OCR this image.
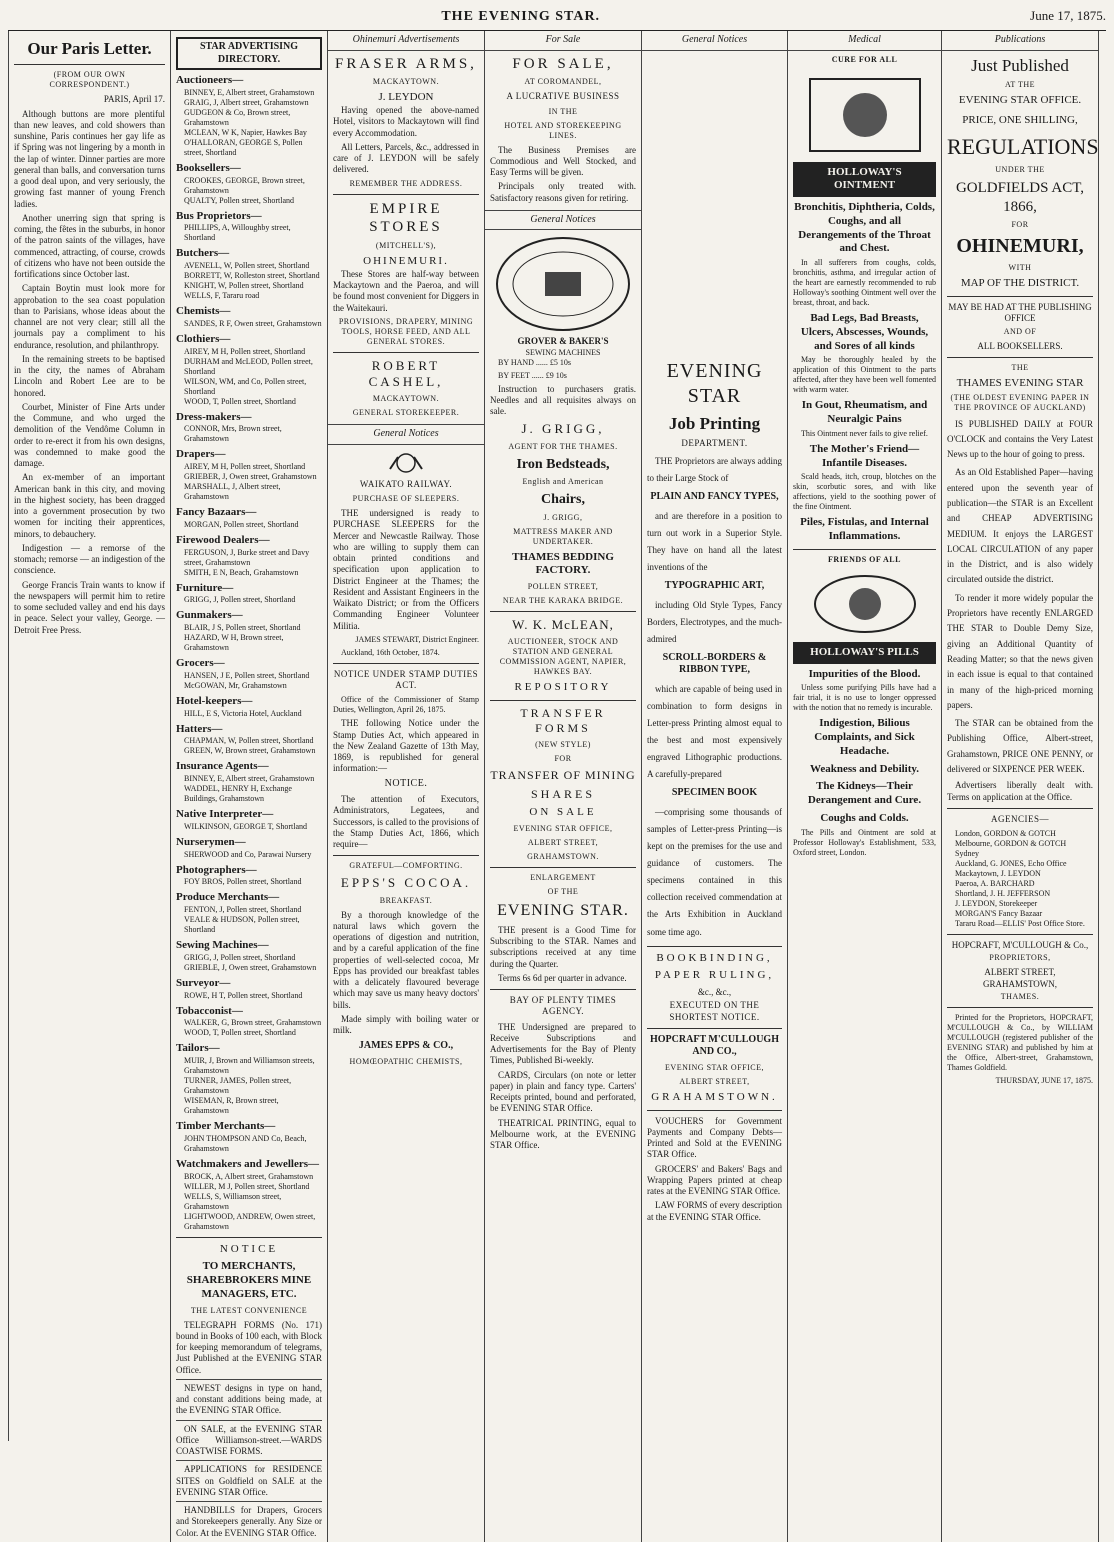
THE EVENING STAR.	June 17, 1875.
Our Paris Letter.
(FROM OUR OWN CORRESPONDENT.)
PARIS, April 17.
Although buttons are more plentiful than new leaves, and cold showers than sunshine, Paris continues her gay life as if Spring was not lingering by a month in the lap of winter. Dinner parties are more general than balls, and conversation turns a good deal upon, and very seriously, the growing fast manner of young French ladies.
Another unerring sign that spring is coming, the fêtes in the suburbs, in honor of the patron saints of the villages, have commenced, attracting, of course, crowds of citizens who have not been outside the fortifications since October last.
Captain Boytin must look more for approbation to the sea coast population than to Parisians, whose ideas about the channel are not very clear; still all the journals pay a compliment to his endurance, resolution, and philanthropy.
In the remaining streets to be baptised in the city, the names of Abraham Lincoln and Robert Lee are to be honored.
Courbet, Minister of Fine Arts under the Commune, and who urged the demolition of the Vendôme Column in order to re-erect it from his own designs, was condemned to make good the damage.
An ex-member of an important American bank in this city, and moving in the highest society, has been dragged into a government prosecution by two women for inciting their apprentices, minors, to debauchery.
Indigestion — a remorse of the stomach; remorse — an indigestion of the conscience.
George Francis Train wants to know if the newspapers will permit him to retire to some secluded valley and end his days in peace. Select your valley, George. — Detroit Free Press.
STAR ADVERTISING DIRECTORY.
Auctioneers—
BINNEY, E, Albert street, Grahamstown
GRAIG, J, Albert street, Grahamstown
GUDGEON & Co, Brown street, Grahamstown
MCLEAN, W K, Napier, Hawkes Bay
O'HALLORAN, GEORGE S, Pollen street, Shortland
Booksellers—
CROOKES, GEORGE, Brown street, Grahamstown
QUALTY, Pollen street, Shortland
Bus Proprietors—
PHILLIPS, A, Willoughby street, Shortland
Butchers—
AVENELL, W, Pollen street, Shortland
BORRETT, W, Rolleston street, Shortland
KNIGHT, W, Pollen street, Shortland
WELLS, F, Tararu road
Chemists—
SANDES, R F, Owen street, Grahamstown
Clothiers—
AIREY, M H, Pollen street, Shortland
DURHAM and McLEOD, Pollen street, Shortland
WILSON, WM, and Co, Pollen street, Shortland
WOOD, T, Pollen street, Shortland
Dress-makers—
CONNOR, Mrs, Brown street, Grahamstown
Drapers—
AIREY, M H, Pollen street, Shortland
GRIEBER, J, Owen street, Grahamstown
MARSHALL, J, Albert street, Grahamstown
Fancy Bazaars—
MORGAN, Pollen street, Shortland
Firewood Dealers—
FERGUSON, J, Burke street and Davy street, Grahamstown
SMITH, E N, Beach, Grahamstown
Furniture—
GRIGG, J, Pollen street, Shortland
Gunmakers—
BLAIR, J S, Pollen street, Shortland
HAZARD, W H, Brown street, Grahamstown
Grocers—
HANSEN, J E, Pollen street, Shortland
McGOWAN, Mr, Grahamstown
Hotel-keepers—
HILL, E S, Victoria Hotel, Auckland
Hatters—
CHAPMAN, W, Pollen street, Shortland
GREEN, W, Brown street, Grahamstown
Insurance Agents—
BINNEY, E, Albert street, Grahamstown
WADDEL, HENRY H, Exchange Buildings, Grahamstown
Native Interpreter—
WILKINSON, GEORGE T, Shortland
Nurserymen—
SHERWOOD and Co, Parawai Nursery
Photographers—
FOY BROS, Pollen street, Shortland
Produce Merchants—
FENTON, J, Pollen street, Shortland
VEALE & HUDSON, Pollen street, Shortland
Sewing Machines—
GRIGG, J, Pollen street, Shortland
GRIEBLE, J, Owen street, Grahamstown
Surveyor—
ROWE, H T, Pollen street, Shortland
Tobacconist—
WALKER, G, Brown street, Grahamstown
WOOD, T, Pollen street, Shortland
Tailors—
MUIR, J, Brown and Williamson streets, Grahamstown
TURNER, JAMES, Pollen street, Grahamstown
WISEMAN, R, Brown street, Grahamstown
Timber Merchants—
JOHN THOMPSON AND Co, Beach, Grahamstown
Watchmakers and Jewellers—
BROCK, A, Albert street, Grahamstown
WILLER, M J, Pollen street, Shortland
WELLS, S, Williamson street, Grahamstown
LIGHTWOOD, ANDREW, Owen street, Grahamstown
NOTICE
TO MERCHANTS, SHAREBROKERS MINE MANAGERS, ETC.
THE LATEST CONVENIENCE
TELEGRAPH FORMS (No. 171) bound in Books of 100 each, with Block for keeping memorandum of telegrams, Just Published at the EVENING STAR Office.
NEWEST designs in type on hand, and constant additions being made, at the EVENING STAR Office.
ON SALE, at the EVENING STAR Office Williamson-street.—WARDS COASTWISE FORMS.
APPLICATIONS for RESIDENCE SITES on Goldfield on SALE at the EVENING STAR Office.
HANDBILLS for Drapers, Grocers and Storekeepers generally. Any Size or Color. At the EVENING STAR Office.
Ohinemuri Advertisements
FRASER ARMS,
MACKAYTOWN.
J. LEYDON
Having opened the above-named Hotel, visitors to Mackaytown will find every Accommodation.
All Letters, Parcels, &c., addressed in care of J. LEYDON will be safely delivered.
REMEMBER THE ADDRESS.
EMPIRE STORES
(MITCHELL'S),
OHINEMURI.
These Stores are half-way between Mackaytown and the Paeroa, and will be found most convenient for Diggers in the Waitekauri.
PROVISIONS, DRAPERY, MINING TOOLS, HORSE FEED, AND ALL GENERAL STORES.
ROBERT CASHEL,
MACKAYTOWN.
GENERAL STOREKEEPER.
General Notices
WAIKATO RAILWAY.
PURCHASE OF SLEEPERS.
THE undersigned is ready to PURCHASE SLEEPERS for the Mercer and Newcastle Railway. Those who are willing to supply them can obtain printed conditions and specification upon application to District Engineer at the Thames; the Resident and Assistant Engineers in the Waikato District; or from the Officers Commanding Engineer Volunteer Militia.
JAMES STEWART, District Engineer.
Auckland, 16th October, 1874.
NOTICE UNDER STAMP DUTIES ACT.
Office of the Commissioner of Stamp Duties, Wellington, April 26, 1875.
THE following Notice under the Stamp Duties Act, which appeared in the New Zealand Gazette of 13th May, 1869, is republished for general information:—
NOTICE.
The attention of Executors, Administrators, Legatees, and Successors, is called to the provisions of the Stamp Duties Act, 1866, which require—
GRATEFUL—COMFORTING.
EPPS'S COCOA.
BREAKFAST.
By a thorough knowledge of the natural laws which govern the operations of digestion and nutrition, and by a careful application of the fine properties of well-selected cocoa, Mr Epps has provided our breakfast tables with a delicately flavoured beverage which may save us many heavy doctors' bills.
Made simply with boiling water or milk.
JAMES EPPS & CO.,
HOMŒOPATHIC CHEMISTS,
For Sale
FOR SALE,
AT COROMANDEL,
A LUCRATIVE BUSINESS
IN THE
HOTEL AND STOREKEEPING LINES.
The Business Premises are Commodious and Well Stocked, and Easy Terms will be given.
Principals only treated with. Satisfactory reasons given for retiring.
General Notices
GROVER & BAKER'S
SEWING MACHINES
BY HAND ...... £5 10s
BY FEET ...... £9 10s
Instruction to purchasers gratis. Needles and all requisites always on sale.
J. GRIGG,
AGENT FOR THE THAMES.
Iron Bedsteads,
English and American
Chairs,
J. GRIGG,
MATTRESS MAKER AND UNDERTAKER.
THAMES BEDDING FACTORY.
POLLEN STREET,
NEAR THE KARAKA BRIDGE.
W. K. McLEAN,
AUCTIONEER, STOCK AND STATION AND GENERAL COMMISSION AGENT, NAPIER, HAWKES BAY.
REPOSITORY
TRANSFER FORMS
(NEW STYLE)
FOR
TRANSFER OF MINING
SHARES
ON SALE
EVENING STAR OFFICE,
ALBERT STREET,
GRAHAMSTOWN.
ENLARGEMENT
OF THE
EVENING STAR.
THE present is a Good Time for Subscribing to the STAR. Names and subscriptions received at any time during the Quarter.
Terms 6s 6d per quarter in advance.
BAY OF PLENTY TIMES AGENCY.
THE Undersigned are prepared to Receive Subscriptions and Advertisements for the Bay of Plenty Times, Published Bi-weekly.
CARDS, Circulars (on note or letter paper) in plain and fancy type. Carters' Receipts printed, bound and perforated, be EVENING STAR Office.
THEATRICAL PRINTING, equal to Melbourne work, at the EVENING STAR Office.
General Notices
EVENING STAR
Job Printing
DEPARTMENT.
THE Proprietors are always adding to their Large Stock of
PLAIN AND FANCY TYPES,
and are therefore in a position to turn out work in a Superior Style. They have on hand all the latest inventions of the
TYPOGRAPHIC ART,
including Old Style Types, Fancy Borders, Electrotypes, and the much-admired
SCROLL-BORDERS & RIBBON TYPE,
which are capable of being used in combination to form designs in Letter-press Printing almost equal to the best and most expensively engraved Lithographic productions. A carefully-prepared
SPECIMEN BOOK
—comprising some thousands of samples of Letter-press Printing—is kept on the premises for the use and guidance of customers. The specimens contained in this collection received commendation at the Arts Exhibition in Auckland some time ago.
BOOKBINDING,
PAPER RULING,
&c., &c.,
EXECUTED ON THE SHORTEST NOTICE.
HOPCRAFT M'CULLOUGH AND CO.,
EVENING STAR OFFICE,
ALBERT STREET,
GRAHAMSTOWN.
VOUCHERS for Government Payments and Company Debts—Printed and Sold at the EVENING STAR Office.
GROCERS' and Bakers' Bags and Wrapping Papers printed at cheap rates at the EVENING STAR Office.
LAW FORMS of every description at the EVENING STAR Office.
Medical
CURE FOR ALL
HOLLOWAY'S OINTMENT
Bronchitis, Diphtheria, Colds, Coughs, and all Derangements of the Throat and Chest.
In all sufferers from coughs, colds, bronchitis, asthma, and irregular action of the heart are earnestly recommended to rub Holloway's soothing Ointment well over the breast, throat, and back.
Bad Legs, Bad Breasts, Ulcers, Abscesses, Wounds, and Sores of all kinds
May be thoroughly healed by the application of this Ointment to the parts affected, after they have been well fomented with warm water.
In Gout, Rheumatism, and Neuralgic Pains
This Ointment never fails to give relief.
The Mother's Friend—Infantile Diseases.
Scald heads, itch, croup, blotches on the skin, scorbutic sores, and with like affections, yield to the soothing power of the fine Ointment.
Piles, Fistulas, and Internal Inflammations.
FRIENDS OF ALL
HOLLOWAY'S PILLS
Impurities of the Blood.
Unless some purifying Pills have had a fair trial, it is no use to longer oppressed with the notion that no remedy is incurable.
Indigestion, Bilious Complaints, and Sick Headache.
Weakness and Debility.
The Kidneys—Their Derangement and Cure.
Coughs and Colds.
The Pills and Ointment are sold at Professor Holloway's Establishment, 533, Oxford street, London.
Publications
Just Published
AT THE
EVENING STAR OFFICE.
PRICE, ONE SHILLING,
REGULATIONS
UNDER THE
GOLDFIELDS ACT, 1866,
FOR
OHINEMURI,
WITH
MAP OF THE DISTRICT.
MAY BE HAD AT THE PUBLISHING OFFICE
AND OF
ALL BOOKSELLERS.
THE
THAMES EVENING STAR
(THE OLDEST EVENING PAPER IN THE PROVINCE OF AUCKLAND)
IS PUBLISHED DAILY at FOUR O'CLOCK and contains the Very Latest News up to the hour of going to press.
As an Old Established Paper—having entered upon the seventh year of publication—the STAR is an Excellent and CHEAP ADVERTISING MEDIUM. It enjoys the LARGEST LOCAL CIRCULATION of any paper in the District, and is also widely circulated outside the district.
To render it more widely popular the Proprietors have recently ENLARGED THE STAR to Double Demy Size, giving an Additional Quantity of Reading Matter; so that the news given in each issue is equal to that contained in many of the high-priced morning papers.
The STAR can be obtained from the Publishing Office, Albert-street, Grahamstown, PRICE ONE PENNY, or delivered or SIXPENCE PER WEEK.
Advertisers liberally dealt with. Terms on application at the Office.
AGENCIES—
London, GORDON & GOTCH
Melbourne, GORDON & GOTCH
Sydney
Auckland, G. JONES, Echo Office
Mackaytown, J. LEYDON
Paeroa, A. BARCHARD
Shortland, J. H. JEFFERSON
J. LEYDON, Storekeeper
MORGAN'S Fancy Bazaar
Tararu Road—ELLIS' Post Office Store.
HOPCRAFT, M'CULLOUGH & Co.,
PROPRIETORS,
ALBERT STREET, GRAHAMSTOWN,
THAMES.
Printed for the Proprietors, HOPCRAFT, M'CULLOUGH & Co., by WILLIAM M'CULLOUGH (registered publisher of the EVENING STAR) and published by him at the Office, Albert-street, Grahamstown, Thames Goldfield.
THURSDAY, JUNE 17, 1875.
